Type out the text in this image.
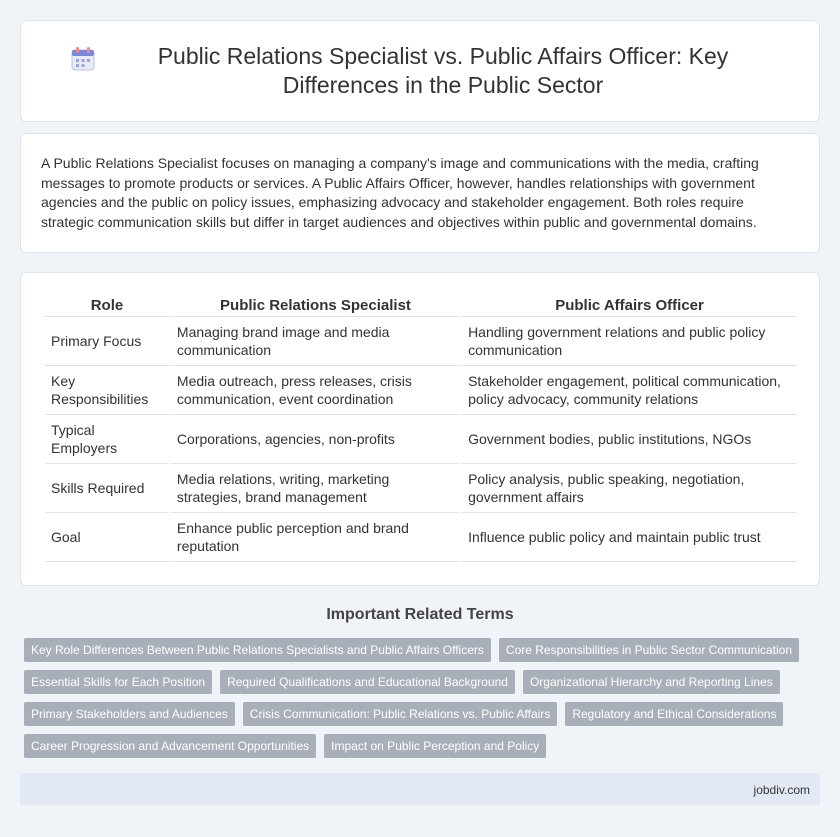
Public Relations Specialist vs. Public Affairs Officer: Key Differences in the Public Sector

A Public Relations Specialist focuses on managing a company's image and communications with the media, crafting messages to promote products or services. A Public Affairs Officer, however, handles relationships with government agencies and the public on policy issues, emphasizing advocacy and stakeholder engagement. Both roles require strategic communication skills but differ in target audiences and objectives within public and governmental domains.

Role	Public Relations Specialist	Public Affairs Officer
Primary Focus	Managing brand image and media communication	Handling government relations and public policy communication
Key Responsibilities	Media outreach, press releases, crisis communication, event coordination	Stakeholder engagement, political communication, policy advocacy, community relations
Typical Employers	Corporations, agencies, non-profits	Government bodies, public institutions, NGOs
Skills Required	Media relations, writing, marketing strategies, brand management	Policy analysis, public speaking, negotiation, government affairs
Goal	Enhance public perception and brand reputation	Influence public policy and maintain public trust
Important Related Terms
Key Role Differences Between Public Relations Specialists and Public Affairs Officers	Core Responsibilities in Public Sector Communication
Essential Skills for Each Position	Required Qualifications and Educational Background	Organizational Hierarchy and Reporting Lines
Primary Stakeholders and Audiences	Crisis Communication: Public Relations vs. Public Affairs	Regulatory and Ethical Considerations
Career Progression and Advancement Opportunities	Impact on Public Perception and Policy
jobdiv.com
